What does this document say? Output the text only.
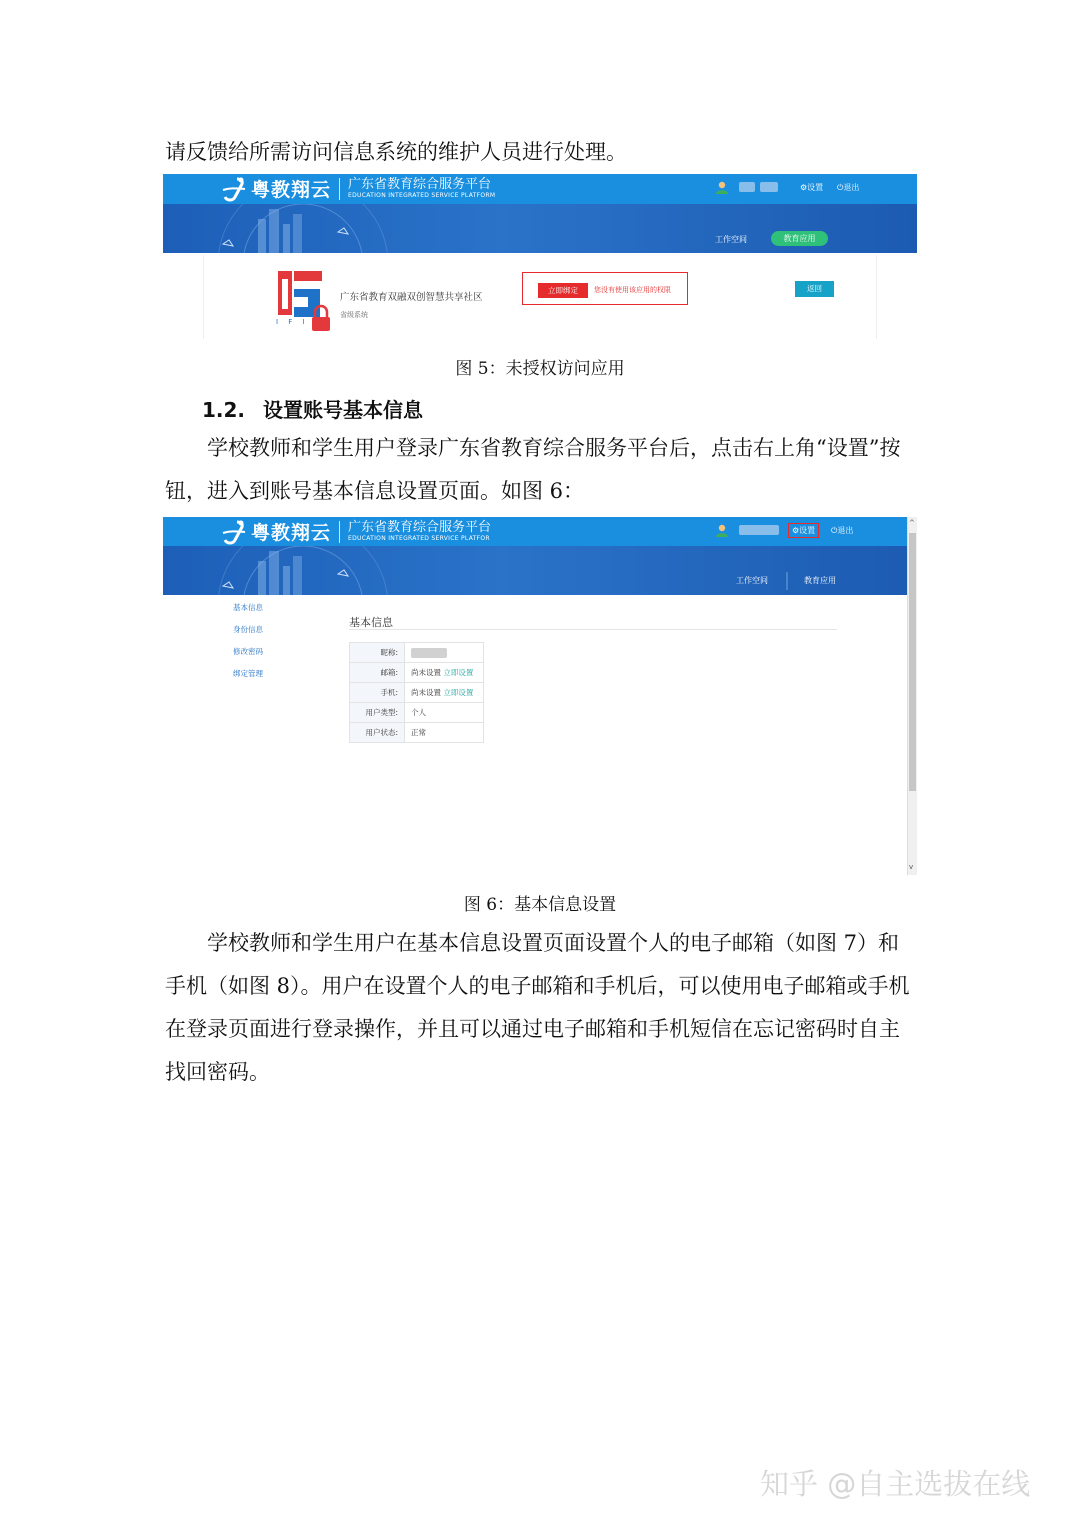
请反馈给所需访问信息系统的维护人员进行处理。

粤教翔云 广东省教育综合服务平台
EDUCATION INTEGRATED SERVICE PLATFORM
⚙设置 ⏻退出
工作空间	教育应用
I F I
广东省教育双融双创智慧共享社区
省级系统
立即绑定	您没有使用该应用的权限	返回
图 5：未授权访问应用
1.2. 设置账号基本信息

学校教师和学生用户登录广东省教育综合服务平台后，点击右上角“设置”按钮，进入到账号基本信息设置页面。如图 6：

粤教翔云 广东省教育综合服务平台
EDUCATION INTEGRATED SERVICE PLATFOR
⚙设置	⏻退出
工作空间	教育应用
基本信息
身份信息
修改密码
绑定管理
基本信息
昵称:	
邮箱:	尚未设置 立即设置
手机:	尚未设置 立即设置
用户类型:	个人
用户状态:	正常
^
v
图 6：基本信息设置

学校教师和学生用户在基本信息设置页面设置个人的电子邮箱（如图 7）和手机（如图 8）。用户在设置个人的电子邮箱和手机后，可以使用电子邮箱或手机在登录页面进行登录操作，并且可以通过电子邮箱和手机短信在忘记密码时自主找回密码。

知乎 @自主选拔在线
